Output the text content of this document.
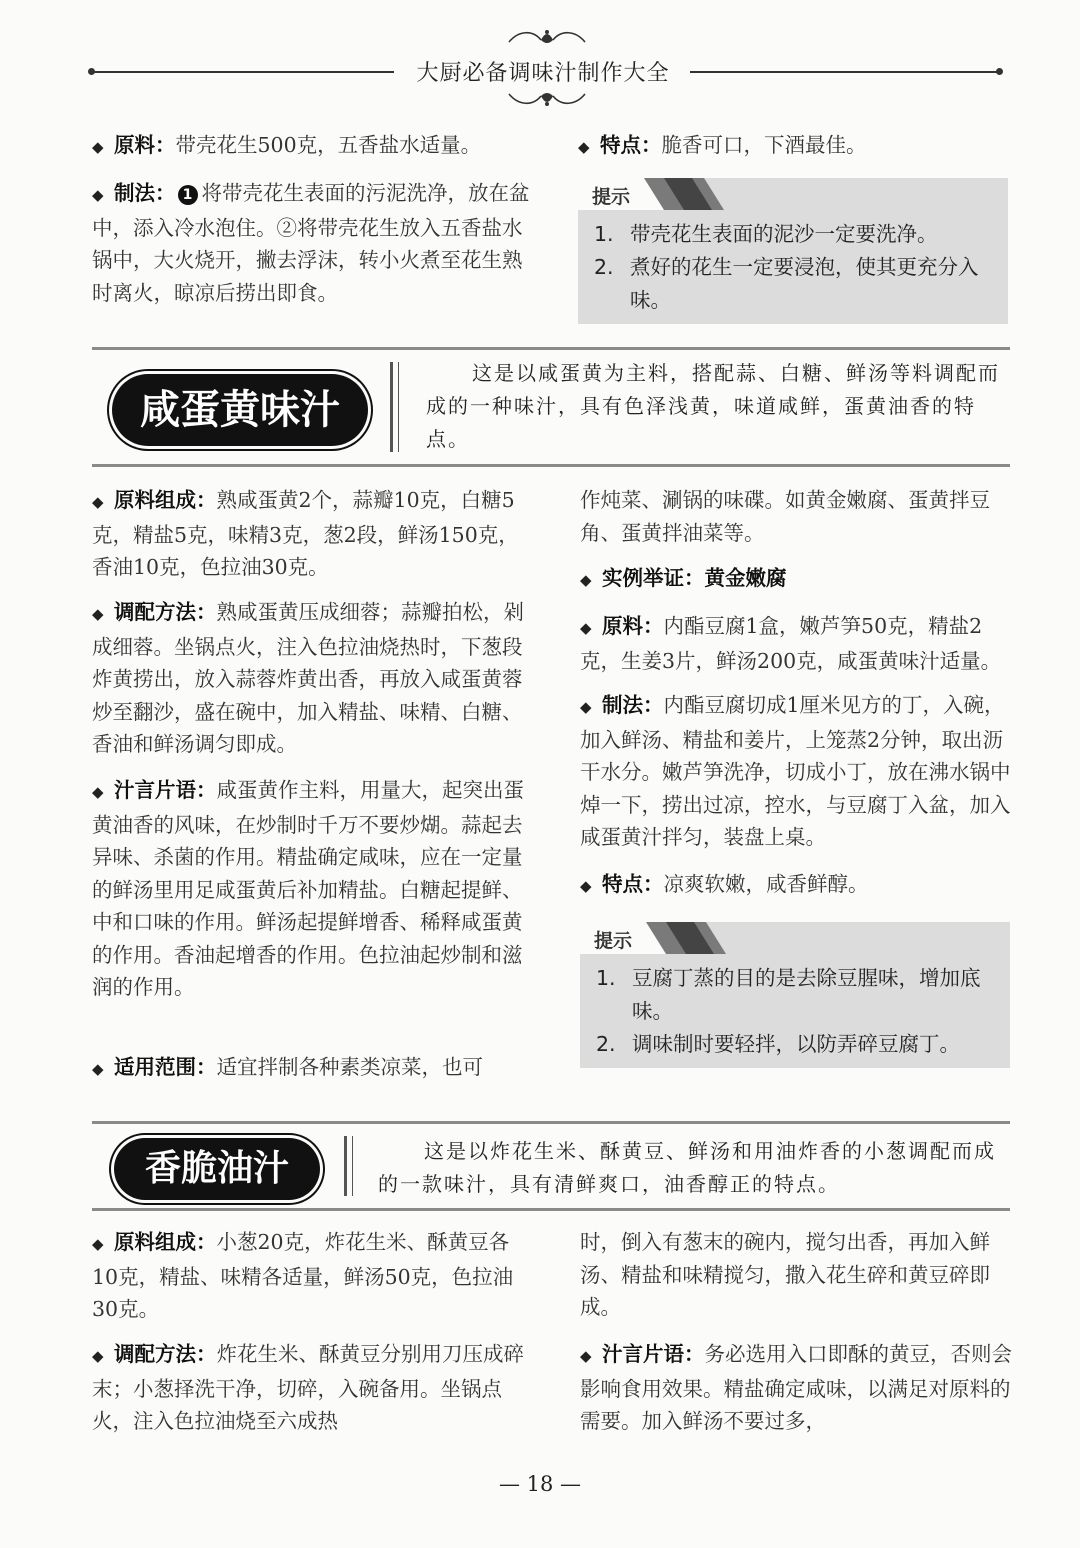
大厨必备调味汁制作大全
◆ 原料：带壳花生500克，五香盐水适量。
◆ 制法： 1 将带壳花生表面的污泥洗净，放在盆中，添入冷水泡住。②将带壳花生放入五香盐水锅中，大火烧开，撇去浮沫，转小火煮至花生熟时离火，晾凉后捞出即食。
◆ 特点：脆香可口，下酒最佳。
提示
1. 带壳花生表面的泥沙一定要洗净。
2. 煮好的花生一定要浸泡，使其更充分入味。
咸蛋黄味汁
这是以咸蛋黄为主料，搭配蒜、白糖、鲜汤等料调配而成的一种味汁，具有色泽浅黄，味道咸鲜，蛋黄油香的特点。
◆ 原料组成：熟咸蛋黄2个，蒜瓣10克，白糖5克，精盐5克，味精3克，葱2段，鲜汤150克，香油10克，色拉油30克。
◆ 调配方法：熟咸蛋黄压成细蓉；蒜瓣拍松，剁成细蓉。坐锅点火，注入色拉油烧热时，下葱段炸黄捞出，放入蒜蓉炸黄出香，再放入咸蛋黄蓉炒至翻沙，盛在碗中，加入精盐、味精、白糖、香油和鲜汤调匀即成。
◆ 汁言片语：咸蛋黄作主料，用量大，起突出蛋黄油香的风味，在炒制时千万不要炒煳。蒜起去异味、杀菌的作用。精盐确定咸味，应在一定量的鲜汤里用足咸蛋黄后补加精盐。白糖起提鲜、中和口味的作用。鲜汤起提鲜增香、稀释咸蛋黄的作用。香油起增香的作用。色拉油起炒制和滋润的作用。
◆ 适用范围：适宜拌制各种素类凉菜，也可
作炖菜、涮锅的味碟。如黄金嫩腐、蛋黄拌豆角、蛋黄拌油菜等。
◆ 实例举证：黄金嫩腐
◆ 原料：内酯豆腐1盒，嫩芦笋50克，精盐2克，生姜3片，鲜汤200克，咸蛋黄味汁适量。
◆ 制法：内酯豆腐切成1厘米见方的丁，入碗，加入鲜汤、精盐和姜片，上笼蒸2分钟，取出沥干水分。嫩芦笋洗净，切成小丁，放在沸水锅中焯一下，捞出过凉，控水，与豆腐丁入盆，加入咸蛋黄汁拌匀，装盘上桌。
◆ 特点：凉爽软嫩，咸香鲜醇。
提示
1. 豆腐丁蒸的目的是去除豆腥味，增加底味。
2. 调味制时要轻拌，以防弄碎豆腐丁。
香脆油汁	这是以炸花生米、酥黄豆、鲜汤和用油炸香的小葱调配而成的一款味汁，具有清鲜爽口，油香醇正的特点。
◆ 原料组成：小葱20克，炸花生米、酥黄豆各10克，精盐、味精各适量，鲜汤50克，色拉油30克。
◆ 调配方法：炸花生米、酥黄豆分别用刀压成碎末；小葱择洗干净，切碎，入碗备用。坐锅点火，注入色拉油烧至六成热
时，倒入有葱末的碗内，搅匀出香，再加入鲜汤、精盐和味精搅匀，撒入花生碎和黄豆碎即成。
◆ 汁言片语：务必选用入口即酥的黄豆，否则会影响食用效果。精盐确定咸味，以满足对原料的需要。加入鲜汤不要过多，
— 18 —
